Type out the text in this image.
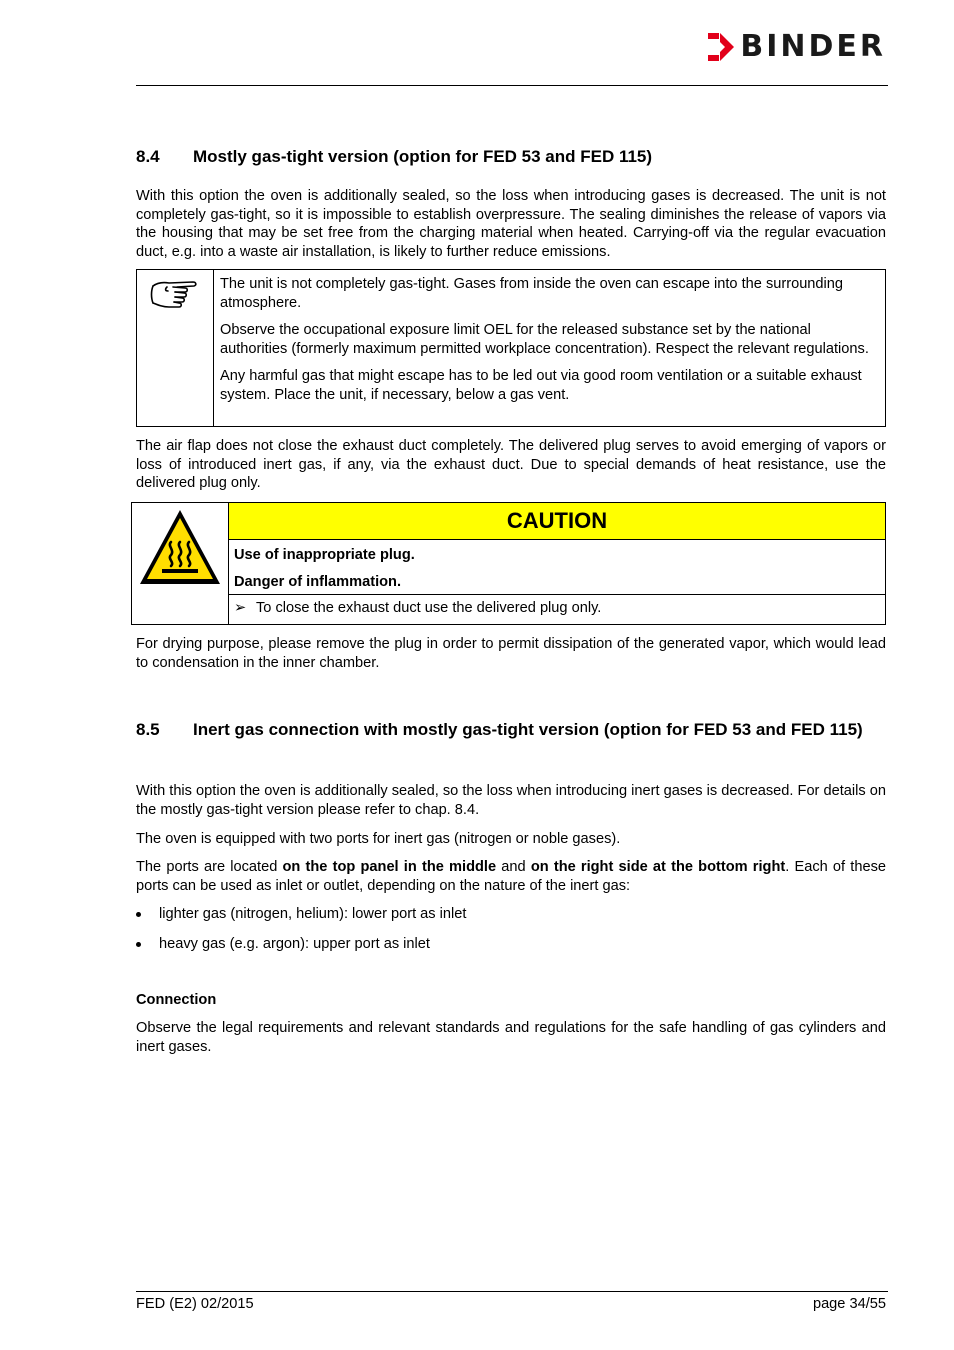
BINDER
8.4	Mostly gas-tight version (option for FED 53 and FED 115)

With this option the oven is additionally sealed, so the loss when introducing gases is decreased. The unit is not completely gas-tight, so it is impossible to establish overpressure. The sealing diminishes the release of vapors via the housing that may be set free from the charging material when heated. Carrying-off via the regular evacuation duct, e.g. into a waste air installation, is likely to further reduce emissions.

The unit is not completely gas-tight. Gases from inside the oven can escape into the surrounding atmosphere.

Observe the occupational exposure limit OEL for the released substance set by the national authorities (formerly maximum permitted workplace concentration). Respect the relevant regulations.

Any harmful gas that might escape has to be led out via good room ventilation or a suitable exhaust system. Place the unit, if necessary, below a gas vent.

The air flap does not close the exhaust duct completely. The delivered plug serves to avoid emerging of vapors or loss of introduced inert gas, if any, via the exhaust duct. Due to special demands of heat resistance, use the delivered plug only.

CAUTION
Use of inappropriate plug.
Danger of inflammation.
➢ To close the exhaust duct use the delivered plug only.

For drying purpose, please remove the plug in order to permit dissipation of the generated vapor, which would lead to condensation in the inner chamber.

8.5	Inert gas connection with mostly gas-tight version (option for FED 53 and FED 115)

With this option the oven is additionally sealed, so the loss when introducing inert gases is decreased. For details on the mostly gas-tight version please refer to chap. 8.4.

The oven is equipped with two ports for inert gas (nitrogen or noble gases).

The ports are located on the top panel in the middle and on the right side at the bottom right. Each of these ports can be used as inlet or outlet, depending on the nature of the inert gas:

lighter gas (nitrogen, helium): lower port as inlet
heavy gas (e.g. argon): upper port as inlet
Connection

Observe the legal requirements and relevant standards and regulations for the safe handling of gas cylinders and inert gases.

FED (E2) 02/2015	page 34/55
